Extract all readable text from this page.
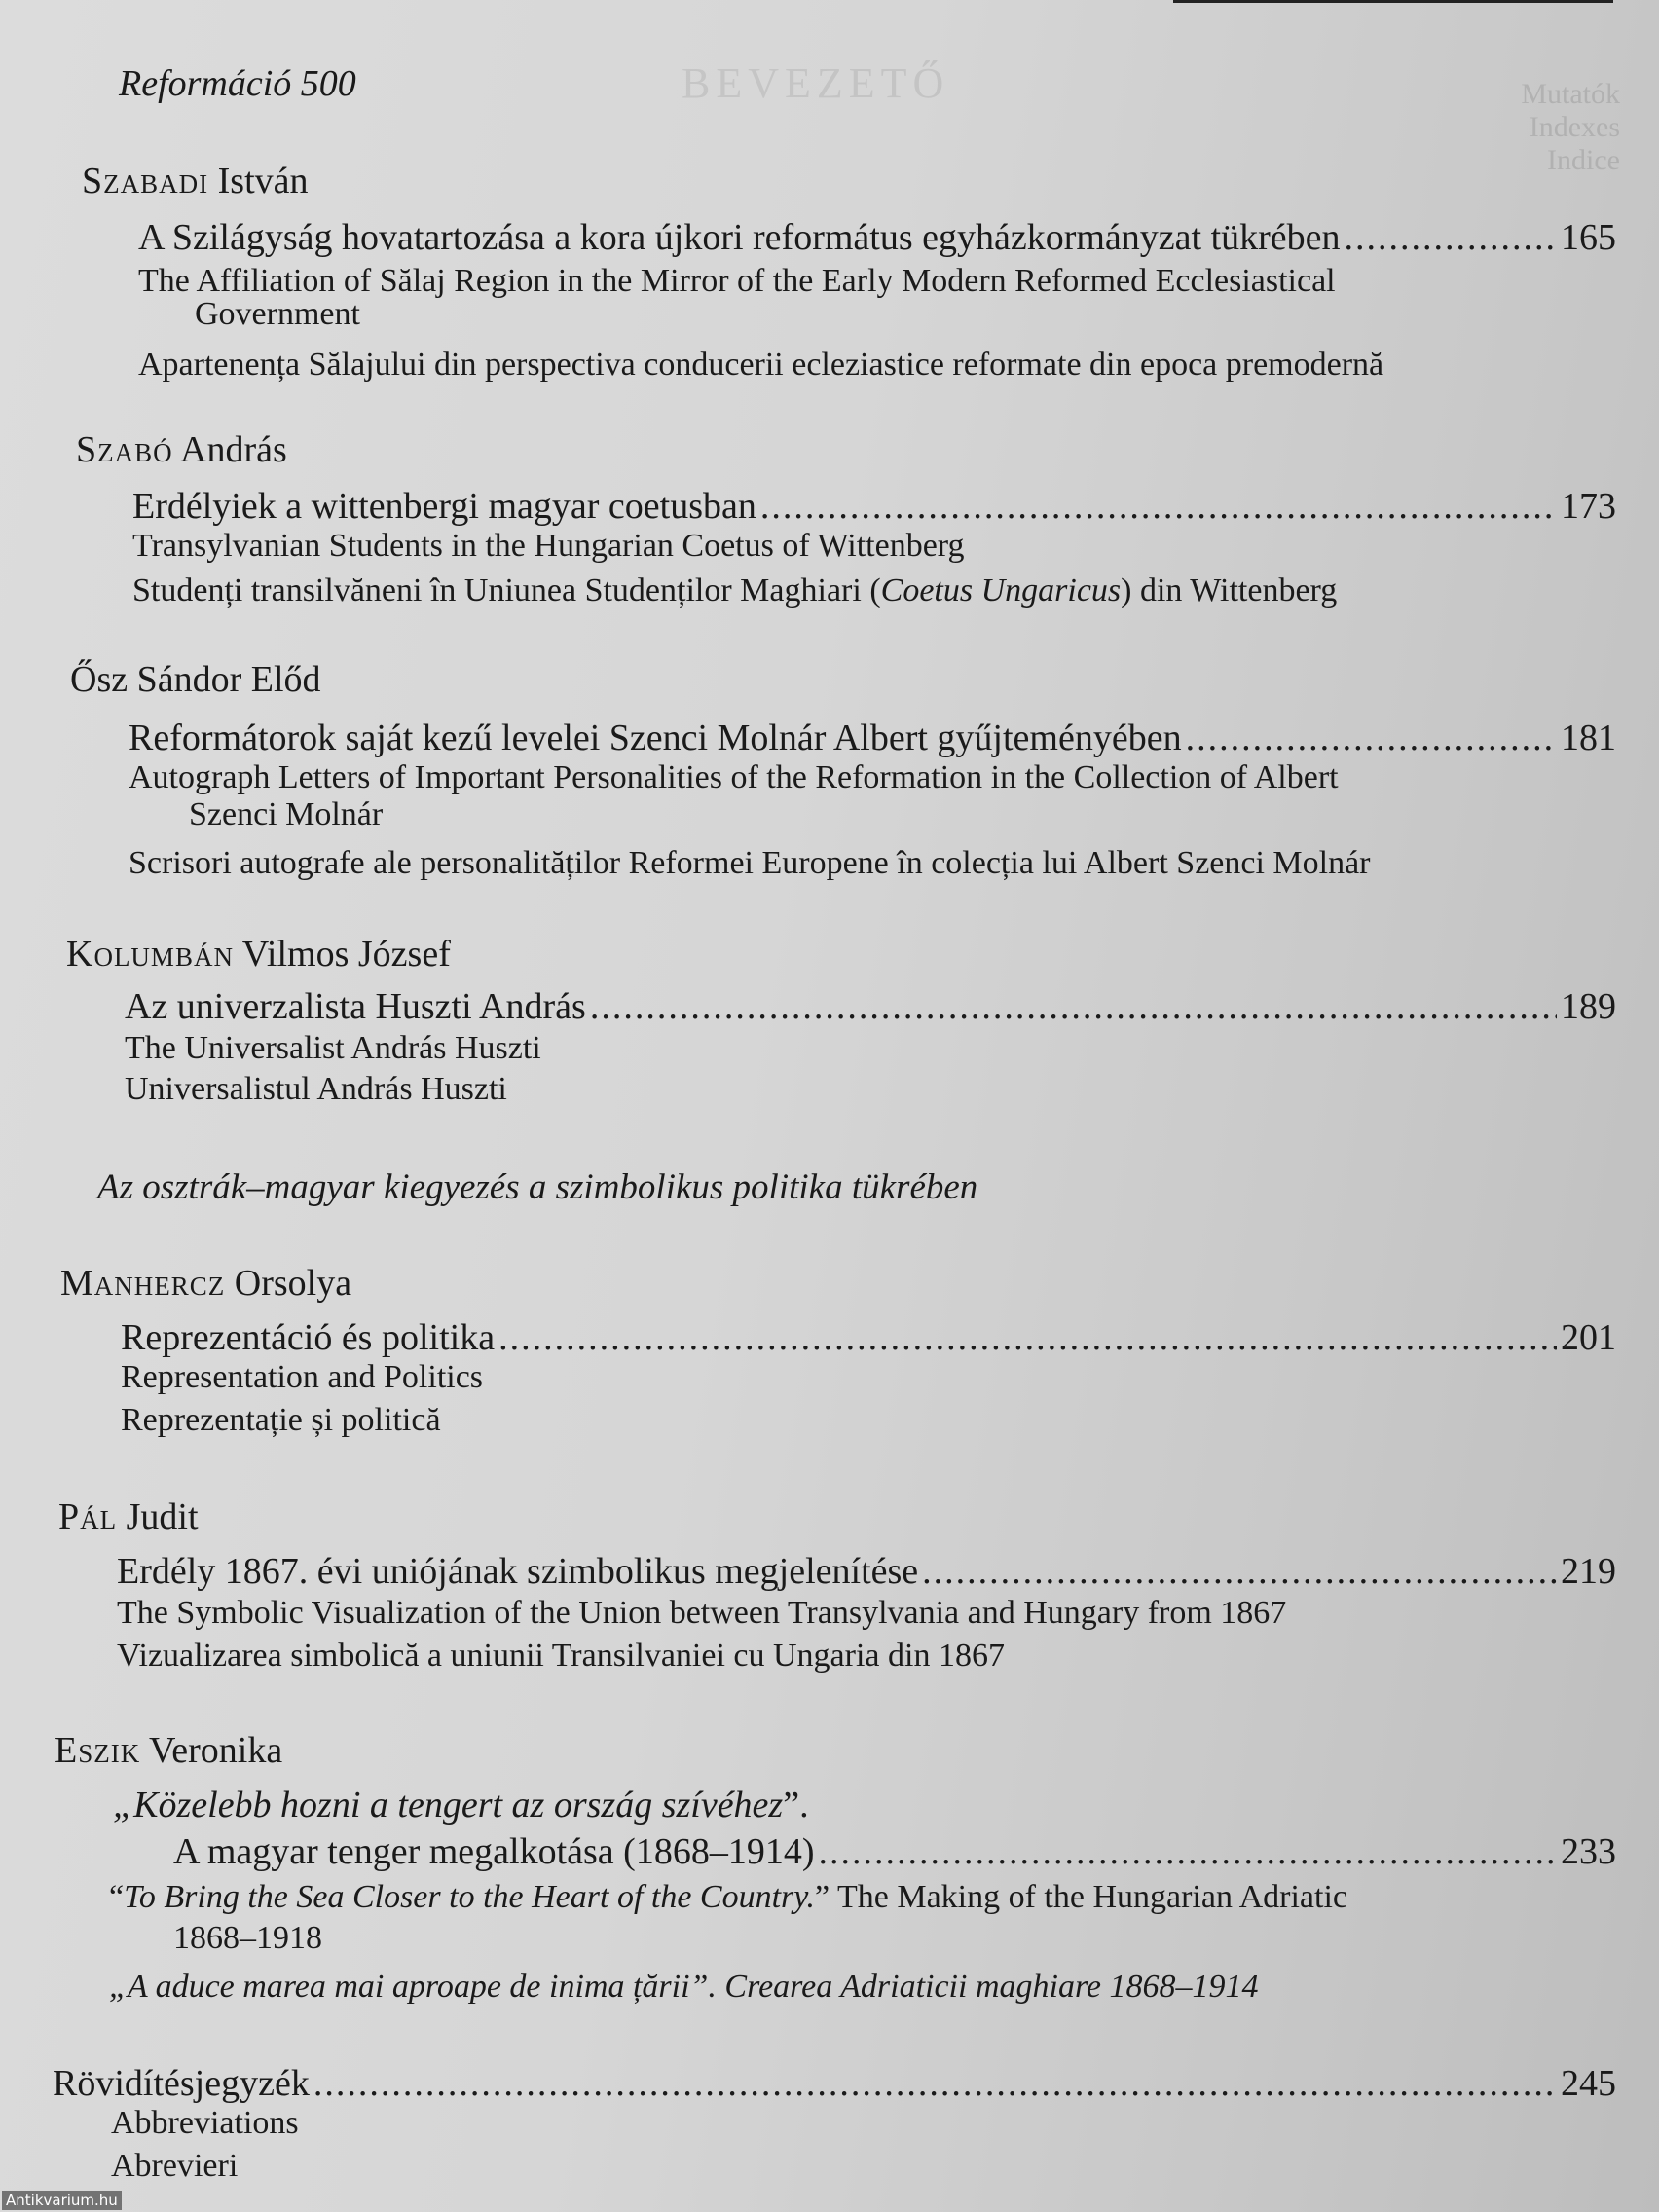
BEVEZETŐ	Mutatók
Indexes
Indice
Reformáció 500
Szabadi István
A Szilágyság hovatartozása a kora újkori református egyházkormányzat tükrében .....	165
The Affiliation of Sălaj Region in the Mirror of the Early Modern Reformed Ecclesiastical
Government
Apartenența Sălajului din perspectiva conducerii ecleziastice reformate din epoca premodernă
Szabó András
Erdélyiek a wittenbergi magyar coetusban .....	173
Transylvanian Students in the Hungarian Coetus of Wittenberg
Studenți transilvăneni în Uniunea Studenților Maghiari ( Coetus Ungaricus ) din Wittenberg
Ősz Sándor Előd
Reformátorok saját kezű levelei Szenci Molnár Albert gyűjteményében .....	181
Autograph Letters of Important Personalities of the Reformation in the Collection of Albert
Szenci Molnár
Scrisori autografe ale personalităților Reformei Europene în colecția lui Albert Szenci Molnár
Kolumbán Vilmos József
Az univerzalista Huszti András .....	189
The Universalist András Huszti
Universalistul András Huszti
Az osztrák–magyar kiegyezés a szimbolikus politika tükrében
Manhercz Orsolya
Reprezentáció és politika .....	201
Representation and Politics
Reprezentație și politică
Pál Judit
Erdély 1867. évi uniójának szimbolikus megjelenítése .....	219
The Symbolic Visualization of the Union between Transylvania and Hungary from 1867
Vizualizarea simbolică a uniunii Transilvaniei cu Ungaria din 1867
Eszik Veronika
„Közelebb hozni a tengert az ország szívéhez ”.
A magyar tenger megalkotása (1868–1914) .....	233
“ To Bring the Sea Closer to the Heart of the Country. ” The Making of the Hungarian Adriatic
1868–1918
„A aduce marea mai aproape de inima țării”. Crearea Adriaticii maghiare 1868–1914
Rövidítésjegyzék .....	245
Abbreviations
Abrevieri
Antikvarium.hu
